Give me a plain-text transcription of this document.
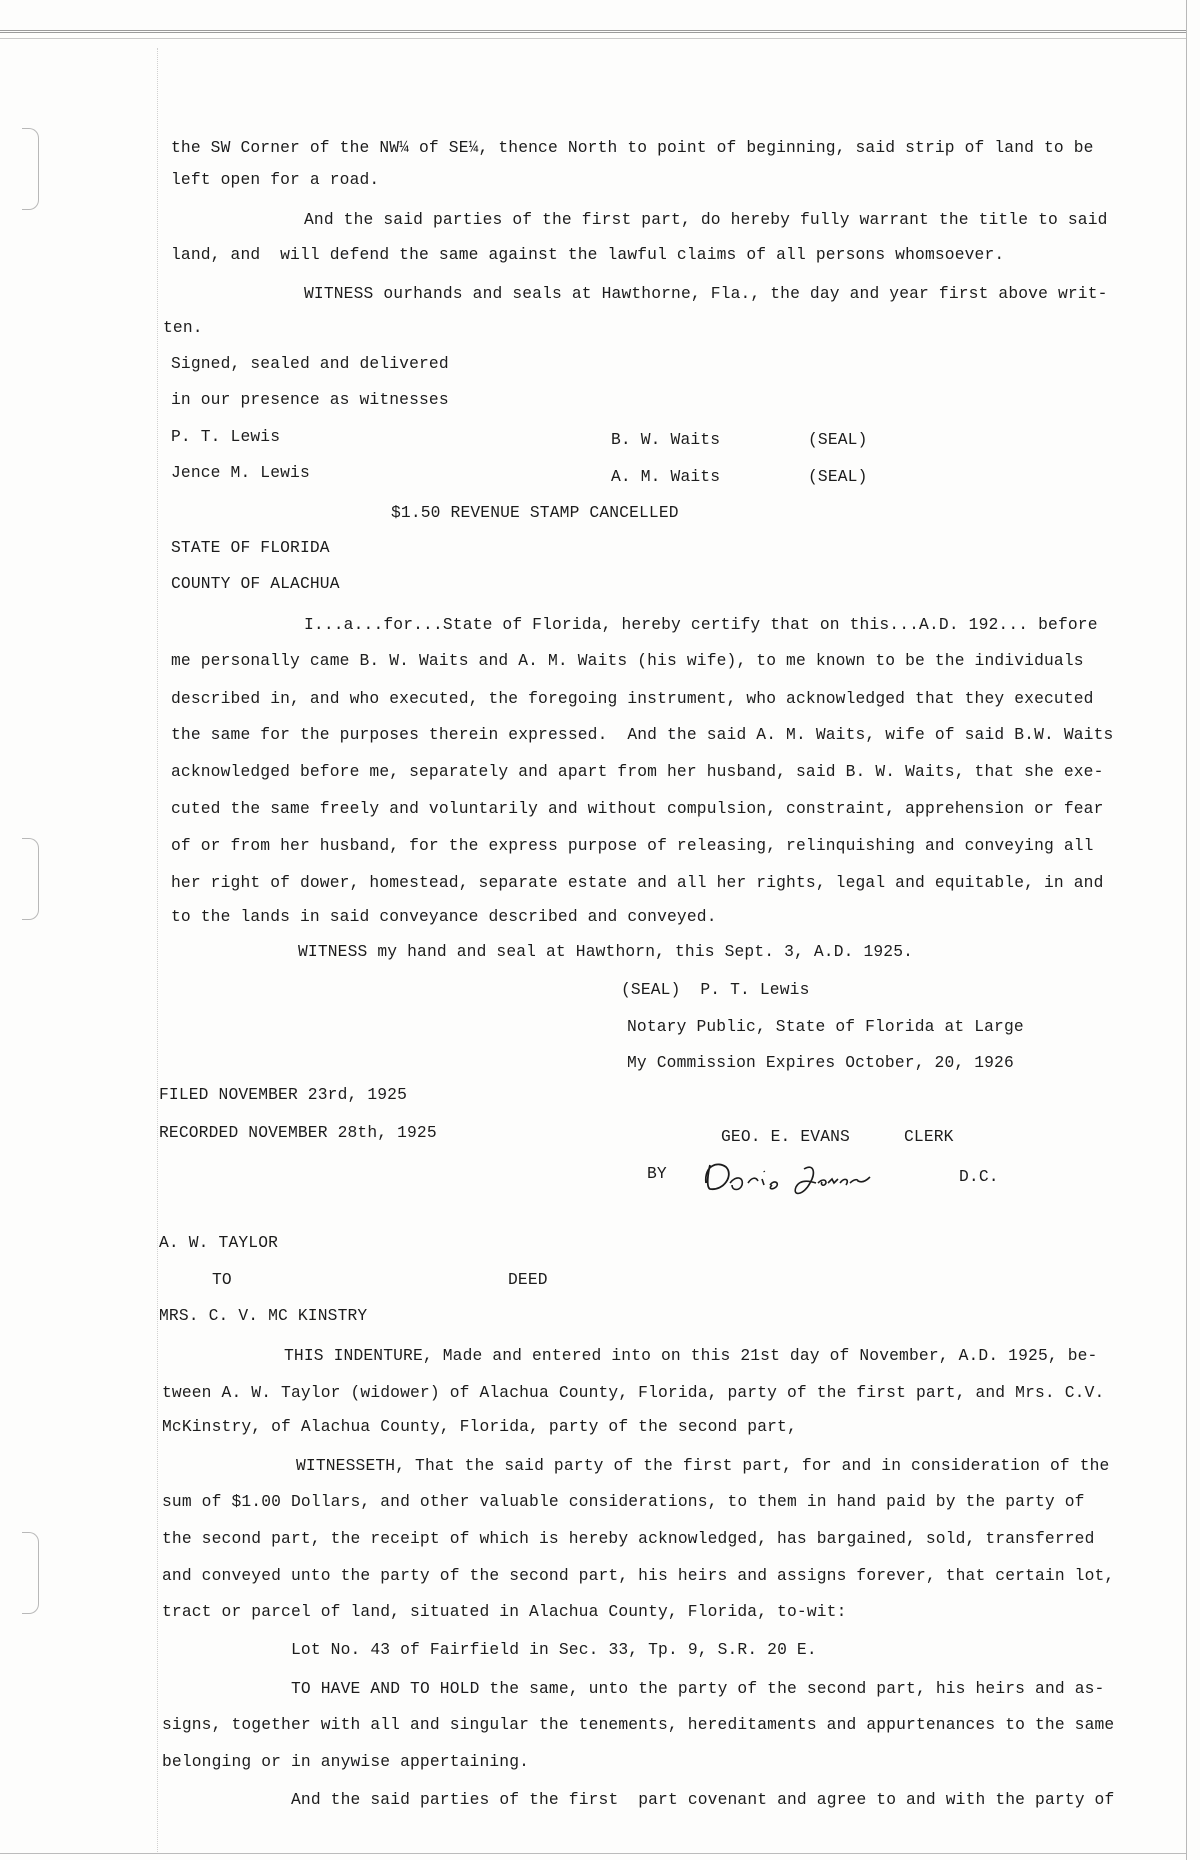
the SW Corner of the NW¼ of SE¼, thence North to point of beginning, said strip of land to be
left open for a road.
And the said parties of the first part, do hereby fully warrant the title to said
land, and  will defend the same against the lawful claims of all persons whomsoever.
WITNESS ourhands and seals at Hawthorne, Fla., the day and year first above writ-
ten.
Signed, sealed and delivered
in our presence as witnesses
P. T. Lewis	B. W. Waits	(SEAL)
Jence M. Lewis	A. M. Waits	(SEAL)
$1.50 REVENUE STAMP CANCELLED
STATE OF FLORIDA
COUNTY OF ALACHUA
I...a...for...State of Florida, hereby certify that on this...A.D. 192... before
me personally came B. W. Waits and A. M. Waits (his wife), to me known to be the individuals
described in, and who executed, the foregoing instrument, who acknowledged that they executed
the same for the purposes therein expressed.  And the said A. M. Waits, wife of said B.W. Waits
acknowledged before me, separately and apart from her husband, said B. W. Waits, that she exe-
cuted the same freely and voluntarily and without compulsion, constraint, apprehension or fear
of or from her husband, for the express purpose of releasing, relinquishing and conveying all
her right of dower, homestead, separate estate and all her rights, legal and equitable, in and
to the lands in said conveyance described and conveyed.
WITNESS my hand and seal at Hawthorn, this Sept. 3, A.D. 1925.
(SEAL)  P. T. Lewis
Notary Public, State of Florida at Large
My Commission Expires October, 20, 1926
FILED NOVEMBER 23rd, 1925
RECORDED NOVEMBER 28th, 1925	GEO. E. EVANS	CLERK
BY	D.C.
A. W. TAYLOR
TO	DEED
MRS. C. V. MC KINSTRY
THIS INDENTURE, Made and entered into on this 21st day of November, A.D. 1925, be-
tween A. W. Taylor (widower) of Alachua County, Florida, party of the first part, and Mrs. C.V.
McKinstry, of Alachua County, Florida, party of the second part,
WITNESSETH, That the said party of the first part, for and in consideration of the
sum of $1.00 Dollars, and other valuable considerations, to them in hand paid by the party of
the second part, the receipt of which is hereby acknowledged, has bargained, sold, transferred
and conveyed unto the party of the second part, his heirs and assigns forever, that certain lot,
tract or parcel of land, situated in Alachua County, Florida, to-wit:
Lot No. 43 of Fairfield in Sec. 33, Tp. 9, S.R. 20 E.
TO HAVE AND TO HOLD the same, unto the party of the second part, his heirs and as-
signs, together with all and singular the tenements, hereditaments and appurtenances to the same
belonging or in anywise appertaining.
And the said parties of the first  part covenant and agree to and with the party of
